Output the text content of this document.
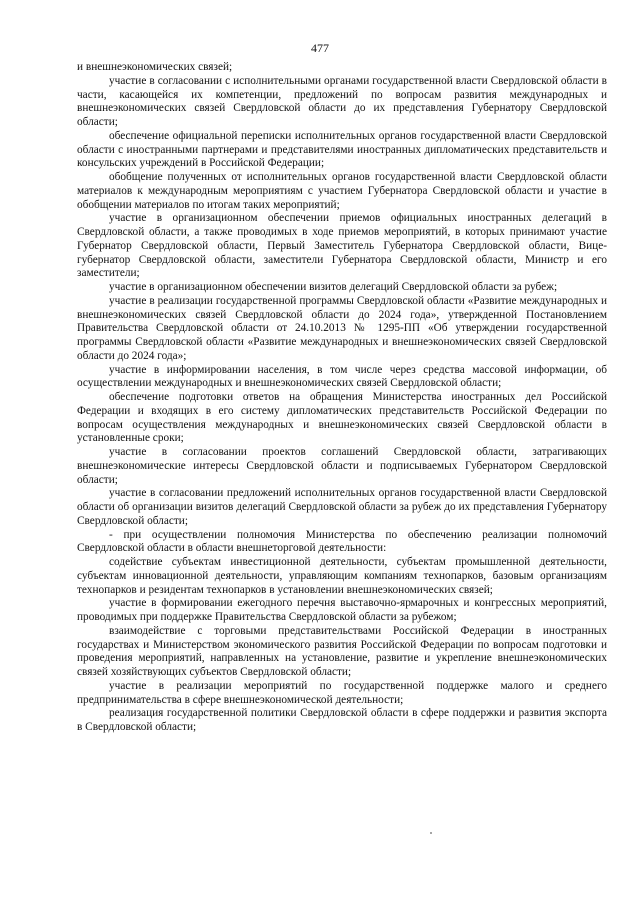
477

и внешнеэкономических связей;

участие в согласовании с исполнительными органами государственной власти Свердловской области в части, касающейся их компетенции, предложений по вопросам развития международных и внешнеэкономических связей Свердловской области до их представления Губернатору Свердловской области;

обеспечение официальной переписки исполнительных органов государственной власти Свердловской области с иностранными партнерами и представителями иностранных дипломатических представительств и консульских учреждений в Российской Федерации;

обобщение полученных от исполнительных органов государственной власти Свердловской области материалов к международным мероприятиям с участием Губернатора Свердловской области и участие в обобщении материалов по итогам таких мероприятий;

участие в организационном обеспечении приемов официальных иностранных делегаций в Свердловской области, а также проводимых в ходе приемов мероприятий, в которых принимают участие Губернатор Свердловской области, Первый Заместитель Губернатора Свердловской области, Вице-губернатор Свердловской области, заместители Губернатора Свердловской области, Министр и его заместители;

участие в организационном обеспечении визитов делегаций Свердловской области за рубеж;

участие в реализации государственной программы Свердловской области «Развитие международных и внешнеэкономических связей Свердловской области до 2024 года», утвержденной Постановлением Правительства Свердловской области от 24.10.2013 № 1295-ПП «Об утверждении государственной программы Свердловской области «Развитие международных и внешнеэкономических связей Свердловской области до 2024 года»;

участие в информировании населения, в том числе через средства массовой информации, об осуществлении международных и внешнеэкономических связей Свердловской области;

обеспечение подготовки ответов на обращения Министерства иностранных дел Российской Федерации и входящих в его систему дипломатических представительств Российской Федерации по вопросам осуществления международных и внешнеэкономических связей Свердловской области в установленные сроки;

участие в согласовании проектов соглашений Свердловской области, затрагивающих внешнеэкономические интересы Свердловской области и подписываемых Губернатором Свердловской области;

участие в согласовании предложений исполнительных органов государственной власти Свердловской области об организации визитов делегаций Свердловской области за рубеж до их представления Губернатору Свердловской области;

- при осуществлении полномочия Министерства по обеспечению реализации полномочий Свердловской области в области внешнеторговой деятельности:

содействие субъектам инвестиционной деятельности, субъектам промышленной деятельности, субъектам инновационной деятельности, управляющим компаниям технопарков, базовым организациям технопарков и резидентам технопарков в установлении внешнеэкономических связей;

участие в формировании ежегодного перечня выставочно-ярмарочных и конгрессных мероприятий, проводимых при поддержке Правительства Свердловской области за рубежом;

взаимодействие с торговыми представительствами Российской Федерации в иностранных государствах и Министерством экономического развития Российской Федерации по вопросам подготовки и проведения мероприятий, направленных на установление, развитие и укрепление внешнеэкономических связей хозяйствующих субъектов Свердловской области;

участие в реализации мероприятий по государственной поддержке малого и среднего предпринимательства в сфере внешнеэкономической деятельности;

реализация государственной политики Свердловской области в сфере поддержки и развития экспорта в Свердловской области;
